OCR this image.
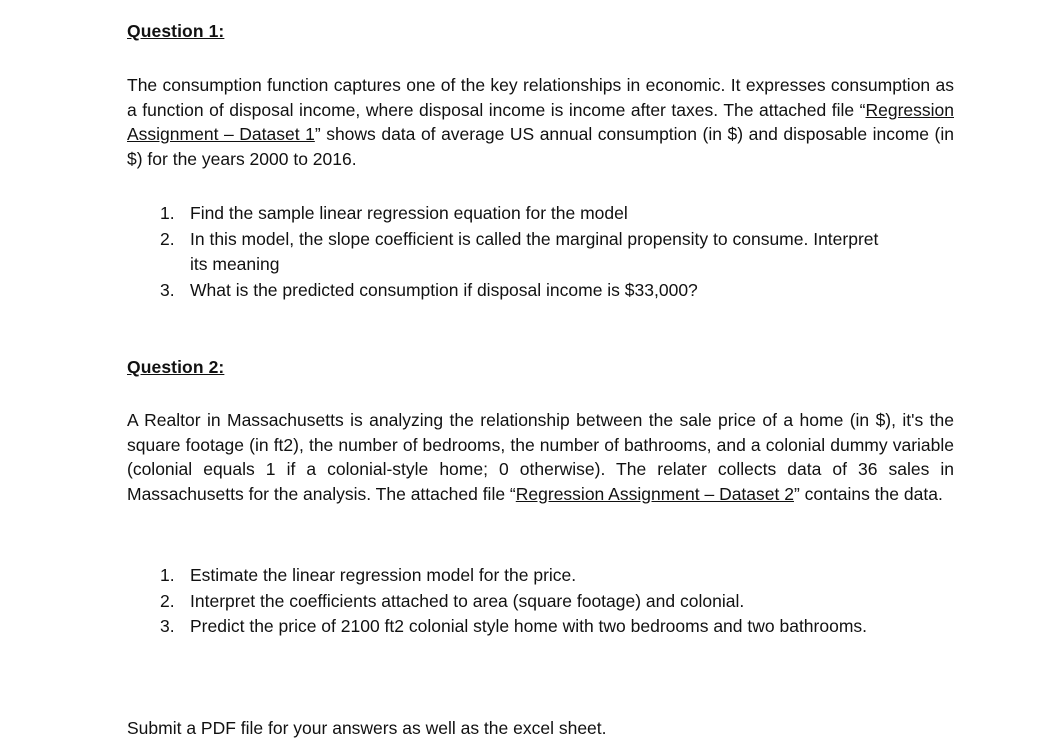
Question 1:
The consumption function captures one of the key relationships in economic. It expresses consumption as a function of disposal income, where disposal income is income after taxes. The attached file “Regression Assignment – Dataset 1” shows data of average US annual consumption (in $) and disposable income (in $) for the years 2000 to 2016.
1. Find the sample linear regression equation for the model
2. In this model, the slope coefficient is called the marginal propensity to consume. Interpret its meaning
3. What is the predicted consumption if disposal income is $33,000?
Question 2:
A Realtor in Massachusetts is analyzing the relationship between the sale price of a home (in $), it's the square footage (in ft2), the number of bedrooms, the number of bathrooms, and a colonial dummy variable (colonial equals 1 if a colonial-style home; 0 otherwise). The relater collects data of 36 sales in Massachusetts for the analysis. The attached file “Regression Assignment – Dataset 2” contains the data.
1. Estimate the linear regression model for the price.
2. Interpret the coefficients attached to area (square footage) and colonial.
3. Predict the price of 2100 ft2 colonial style home with two bedrooms and two bathrooms.
Submit a PDF file for your answers as well as the excel sheet.
